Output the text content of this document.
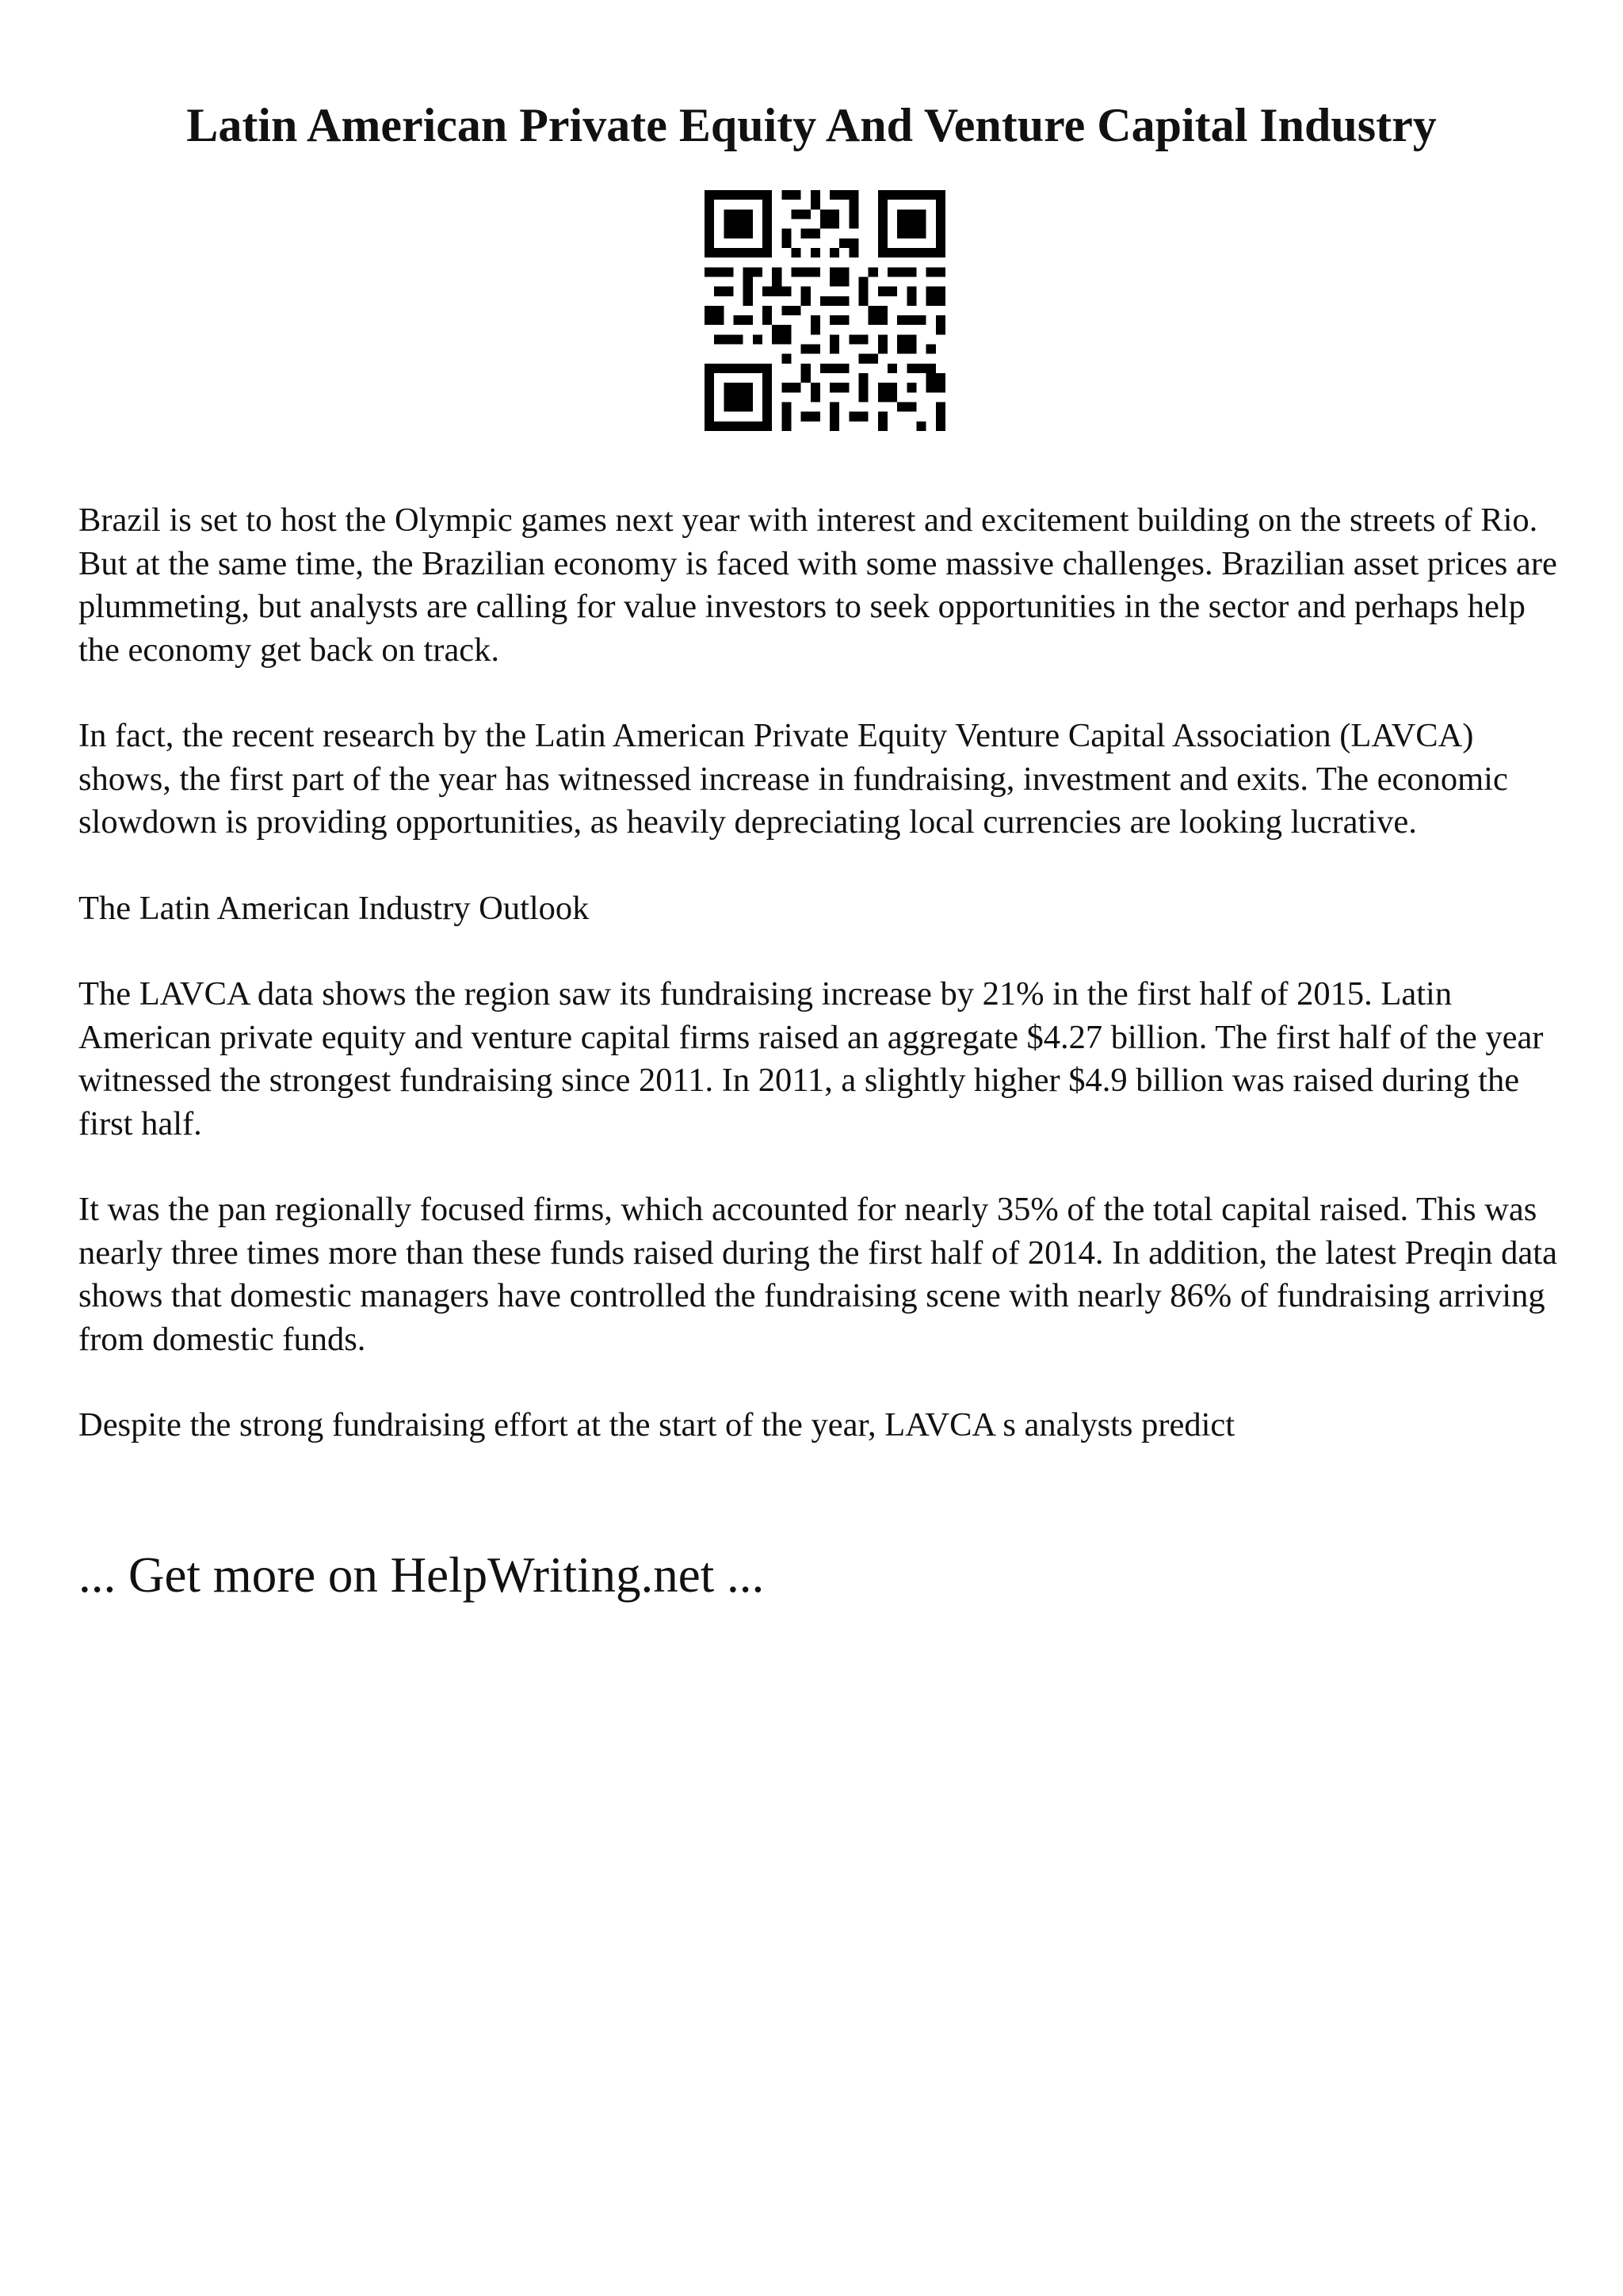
Latin American Private Equity And Venture Capital Industry

Brazil is set to host the Olympic games next year with interest and excitement building on the streets of Rio. But at the same time, the Brazilian economy is faced with some massive challenges. Brazilian asset prices are plummeting, but analysts are calling for value investors to seek opportunities in the sector and perhaps help the economy get back on track.

In fact, the recent research by the Latin American Private Equity Venture Capital Association (LAVCA) shows, the first part of the year has witnessed increase in fundraising, investment and exits. The economic slowdown is providing opportunities, as heavily depreciating local currencies are looking lucrative.

The Latin American Industry Outlook

The LAVCA data shows the region saw its fundraising increase by 21% in the first half of 2015. Latin American private equity and venture capital firms raised an aggregate $4.27 billion. The first half of the year witnessed the strongest fundraising since 2011. In 2011, a slightly higher $4.9 billion was raised during the first half.

It was the pan regionally focused firms, which accounted for nearly 35% of the total capital raised. This was nearly three times more than these funds raised during the first half of 2014. In addition, the latest Preqin data shows that domestic managers have controlled the fundraising scene with nearly 86% of fundraising arriving from domestic funds.

Despite the strong fundraising effort at the start of the year, LAVCA s analysts predict

... Get more on HelpWriting.net ...
